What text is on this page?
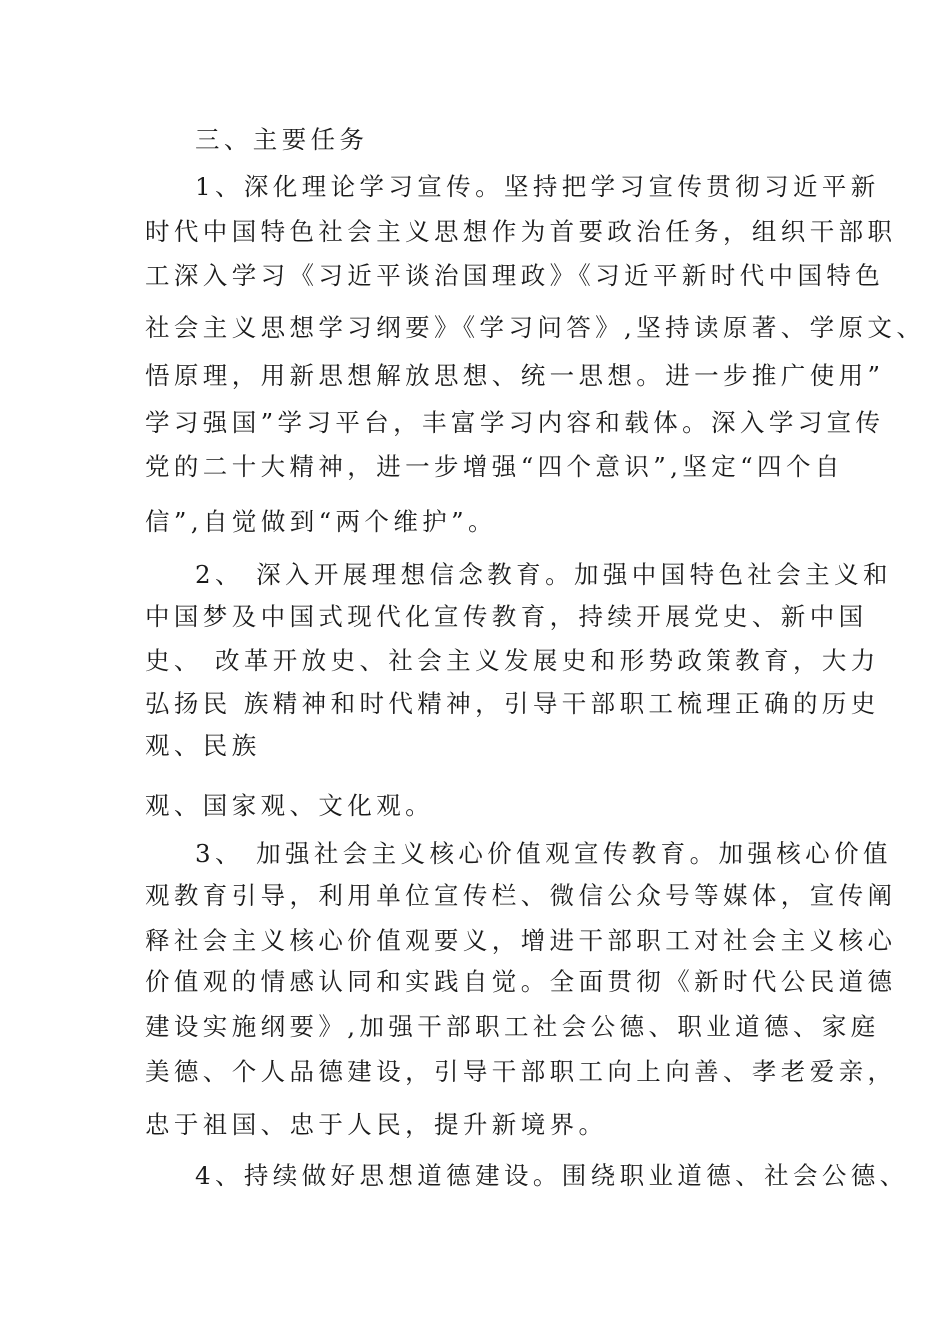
三、主要任务
1、深化理论学习宣传。坚持把学习宣传贯彻习近平新
时代中国特色社会主义思想作为首要政治任务，组织干部职
工深入学习《习近平谈治国理政》《习近平新时代中国特色
社会主义思想学习纲要》《学习问答》,坚持读原著、学原文、
悟原理，用新思想解放思想、统一思想。进一步推广使用”
学习强国”学习平台，丰富学习内容和载体。深入学习宣传
党的二十大精神，进一步增强“四个意识”,坚定“四个自
信”,自觉做到“两个维护”。
2、 深入开展理想信念教育。加强中国特色社会主义和
中国梦及中国式现代化宣传教育，持续开展党史、新中国
史、 改革开放史、社会主义发展史和形势政策教育，大力
弘扬民 族精神和时代精神，引导干部职工梳理正确的历史
观、民族
观、国家观、文化观。
3、 加强社会主义核心价值观宣传教育。加强核心价值
观教育引导，利用单位宣传栏、微信公众号等媒体，宣传阐
释社会主义核心价值观要义，增进干部职工对社会主义核心
价值观的情感认同和实践自觉。全面贯彻《新时代公民道德
建设实施纲要》,加强干部职工社会公德、职业道德、家庭
美德、个人品德建设，引导干部职工向上向善、孝老爱亲，
忠于祖国、忠于人民，提升新境界。
4、持续做好思想道德建设。围绕职业道德、社会公德、
